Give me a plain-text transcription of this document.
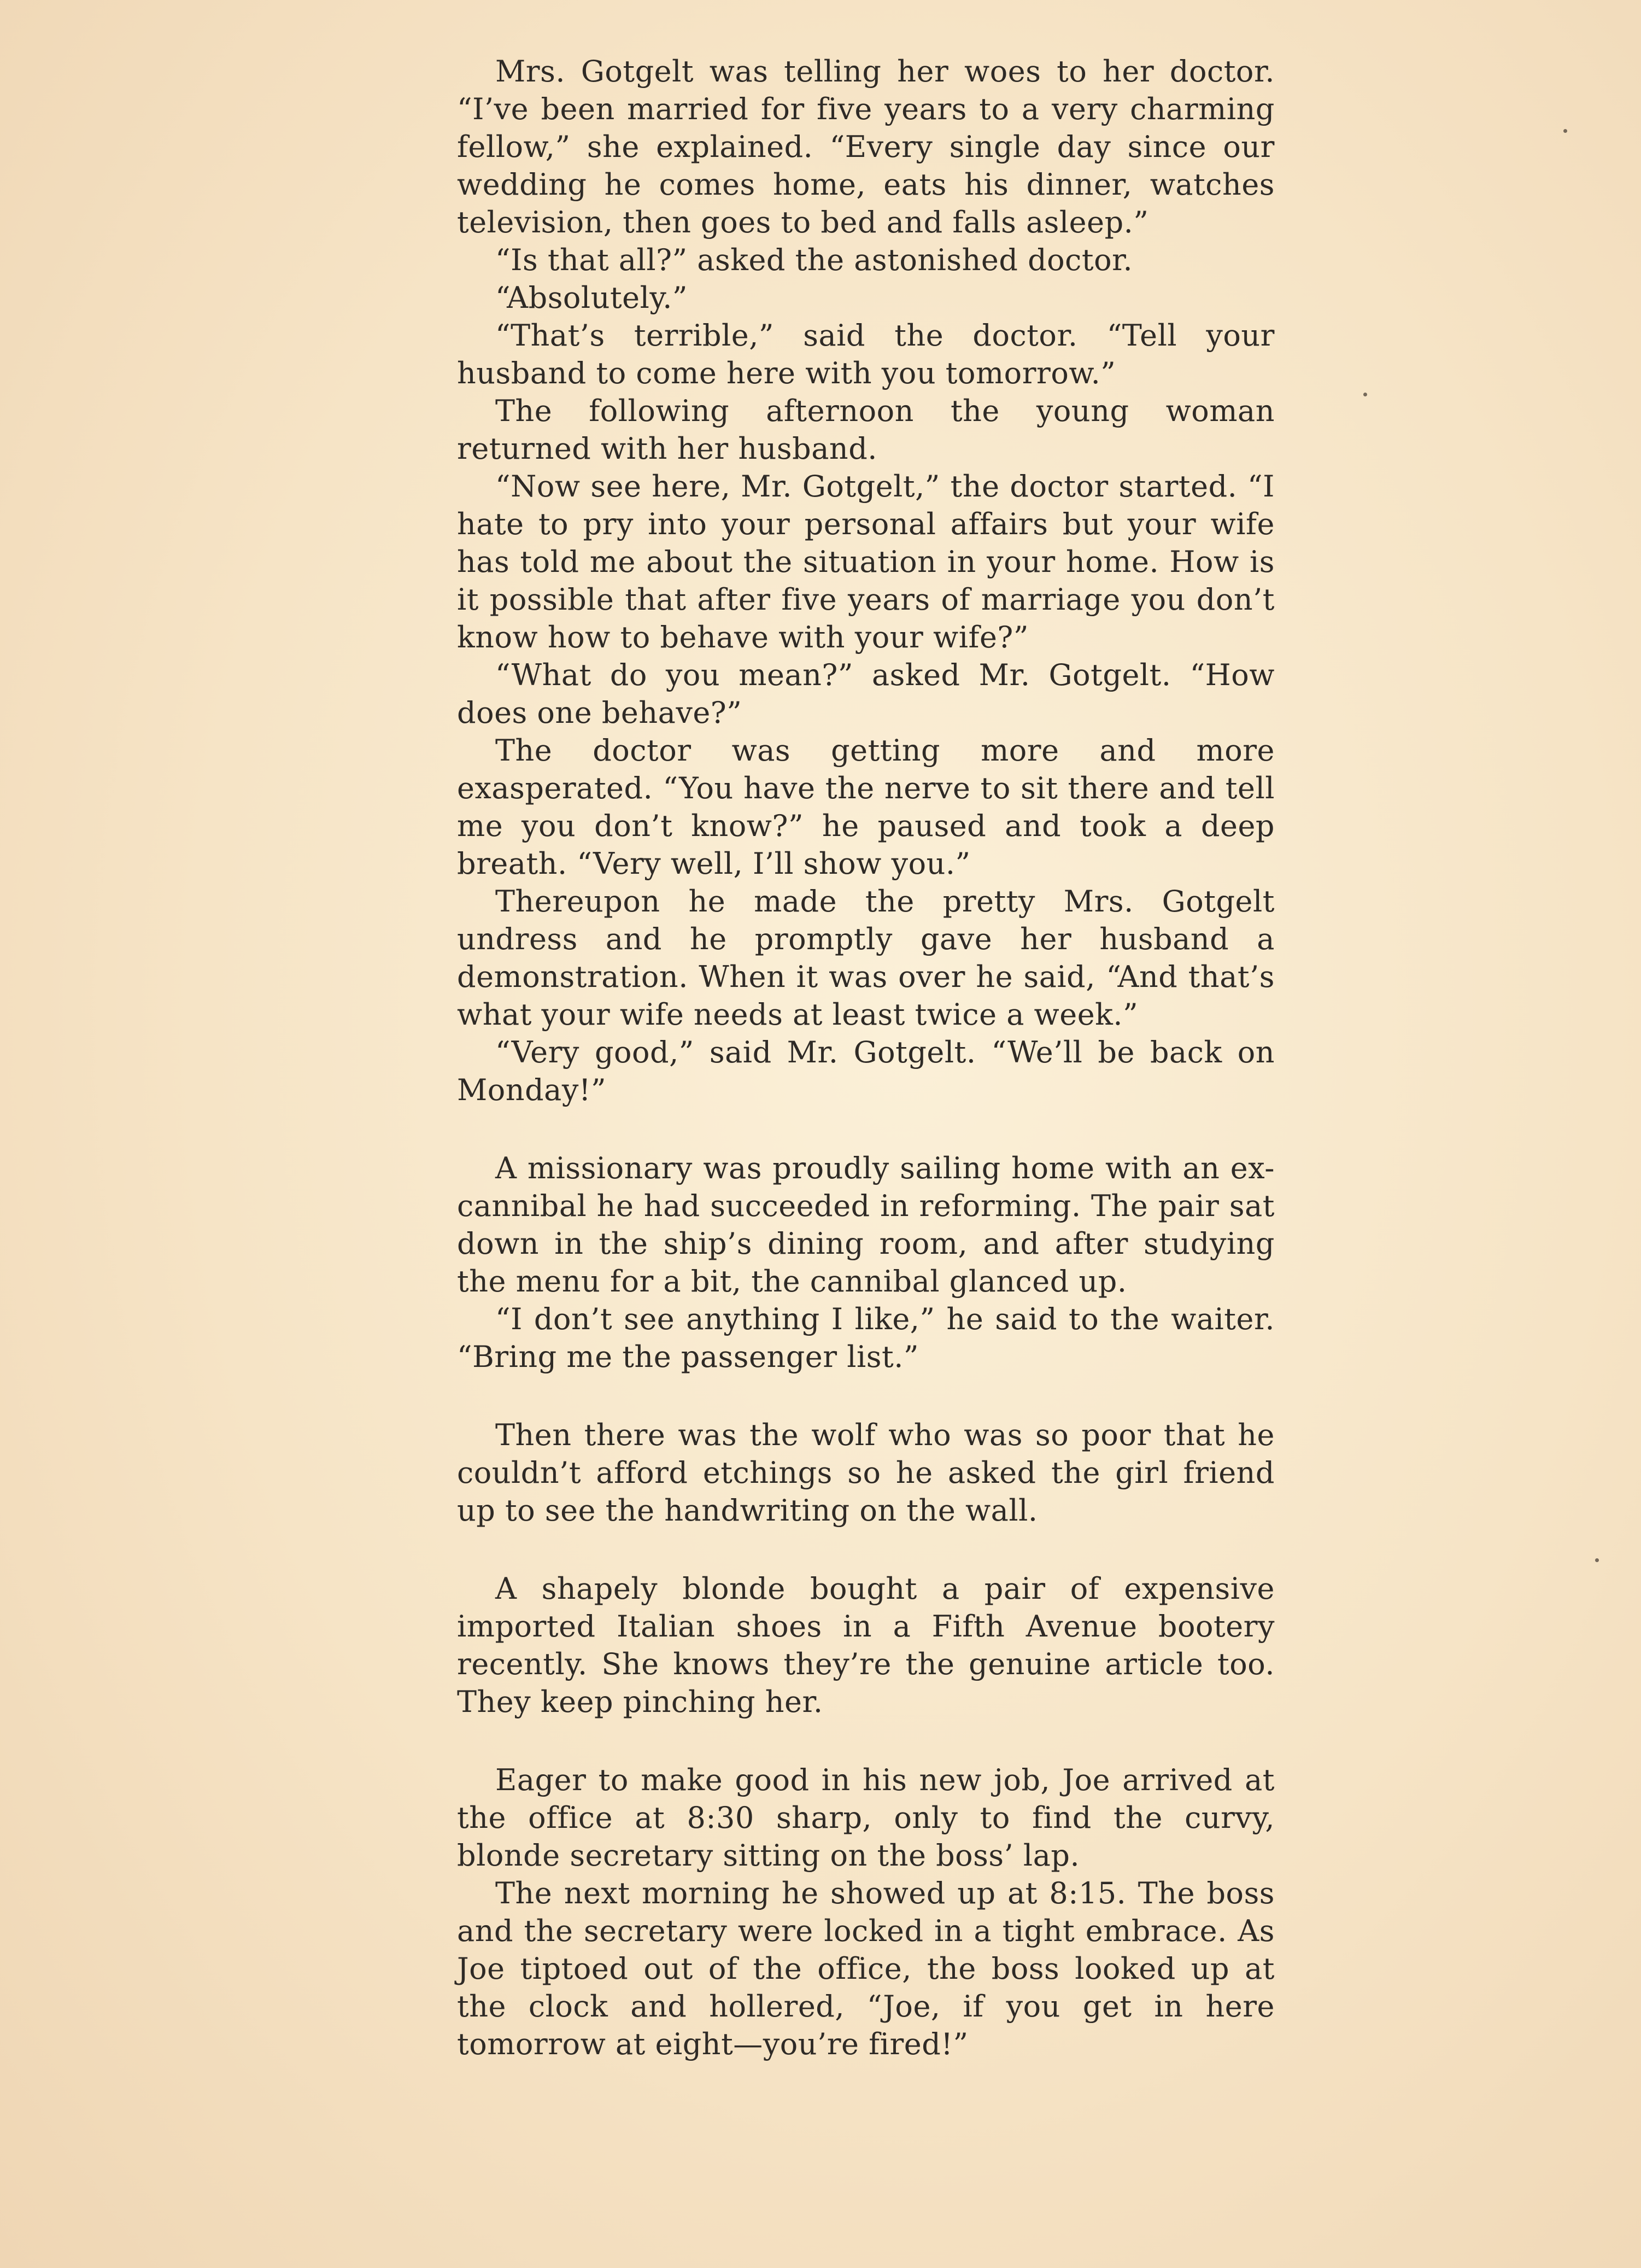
Mrs. Gotgelt was telling her woes to her doctor. “I’ve been married for five years to a very charming fellow,” she explained. “Every single day since our wedding he comes home, eats his dinner, watches television, then goes to bed and falls asleep.”

“Is that all?” asked the astonished doctor.

“Absolutely.”

“That’s terrible,” said the doctor. “Tell your husband to come here with you tomorrow.”

The following afternoon the young woman returned with her husband.

“Now see here, Mr. Gotgelt,” the doctor started. “I hate to pry into your personal affairs but your wife has told me about the situation in your home. How is it possible that after five years of marriage you don’t know how to behave with your wife?”

“What do you mean?” asked Mr. Gotgelt. “How does one behave?”

The doctor was getting more and more exasperated. “You have the nerve to sit there and tell me you don’t know?” he paused and took a deep breath. “Very well, I’ll show you.”

Thereupon he made the pretty Mrs. Gotgelt undress and he promptly gave her husband a demonstration. When it was over he said, “And that’s what your wife needs at least twice a week.”

“Very good,” said Mr. Gotgelt. “We’ll be back on Monday!”

A missionary was proudly sailing home with an ex-cannibal he had succeeded in reforming. The pair sat down in the ship’s dining room, and after studying the menu for a bit, the cannibal glanced up.

“I don’t see anything I like,” he said to the waiter. “Bring me the passenger list.”

Then there was the wolf who was so poor that he couldn’t afford etchings so he asked the girl friend up to see the handwriting on the wall.

A shapely blonde bought a pair of expensive imported Italian shoes in a Fifth Avenue bootery recently. She knows they’re the genuine article too. They keep pinching her.

Eager to make good in his new job, Joe arrived at the office at 8:30 sharp, only to find the curvy, blonde secretary sitting on the boss’ lap.

The next morning he showed up at 8:15. The boss and the secretary were locked in a tight embrace. As Joe tiptoed out of the office, the boss looked up at the clock and hollered, “Joe, if you get in here tomorrow at eight—you’re fired!”
